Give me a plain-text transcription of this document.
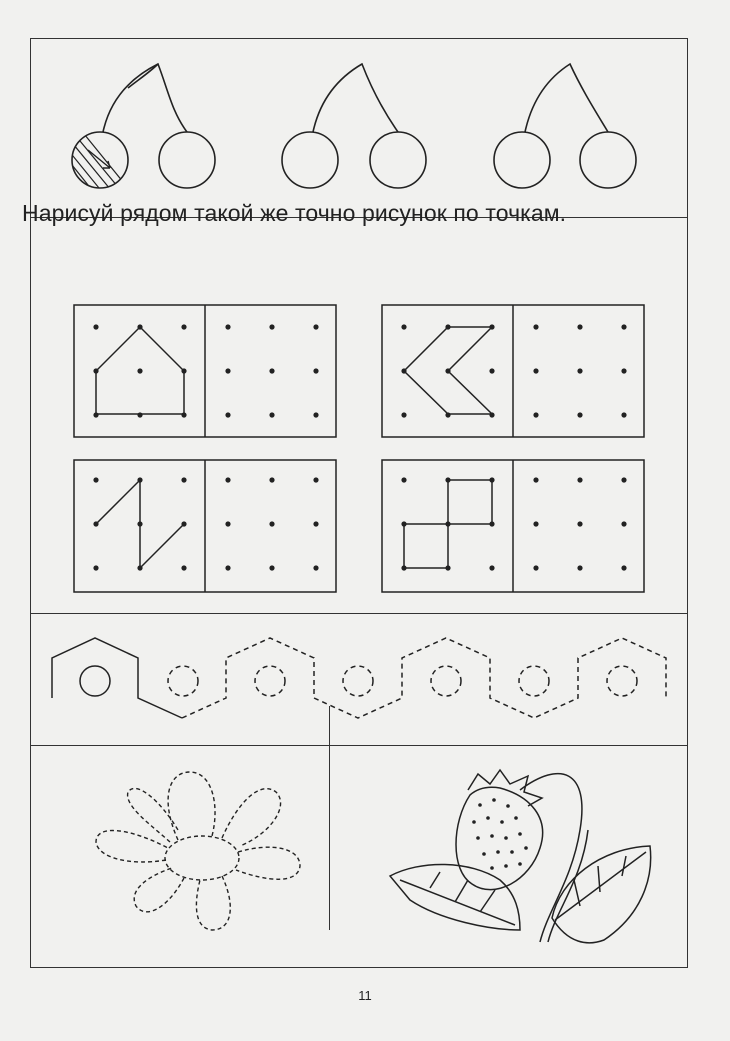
Нарисуй рядом такой же точно рисунок по точкам.

11
